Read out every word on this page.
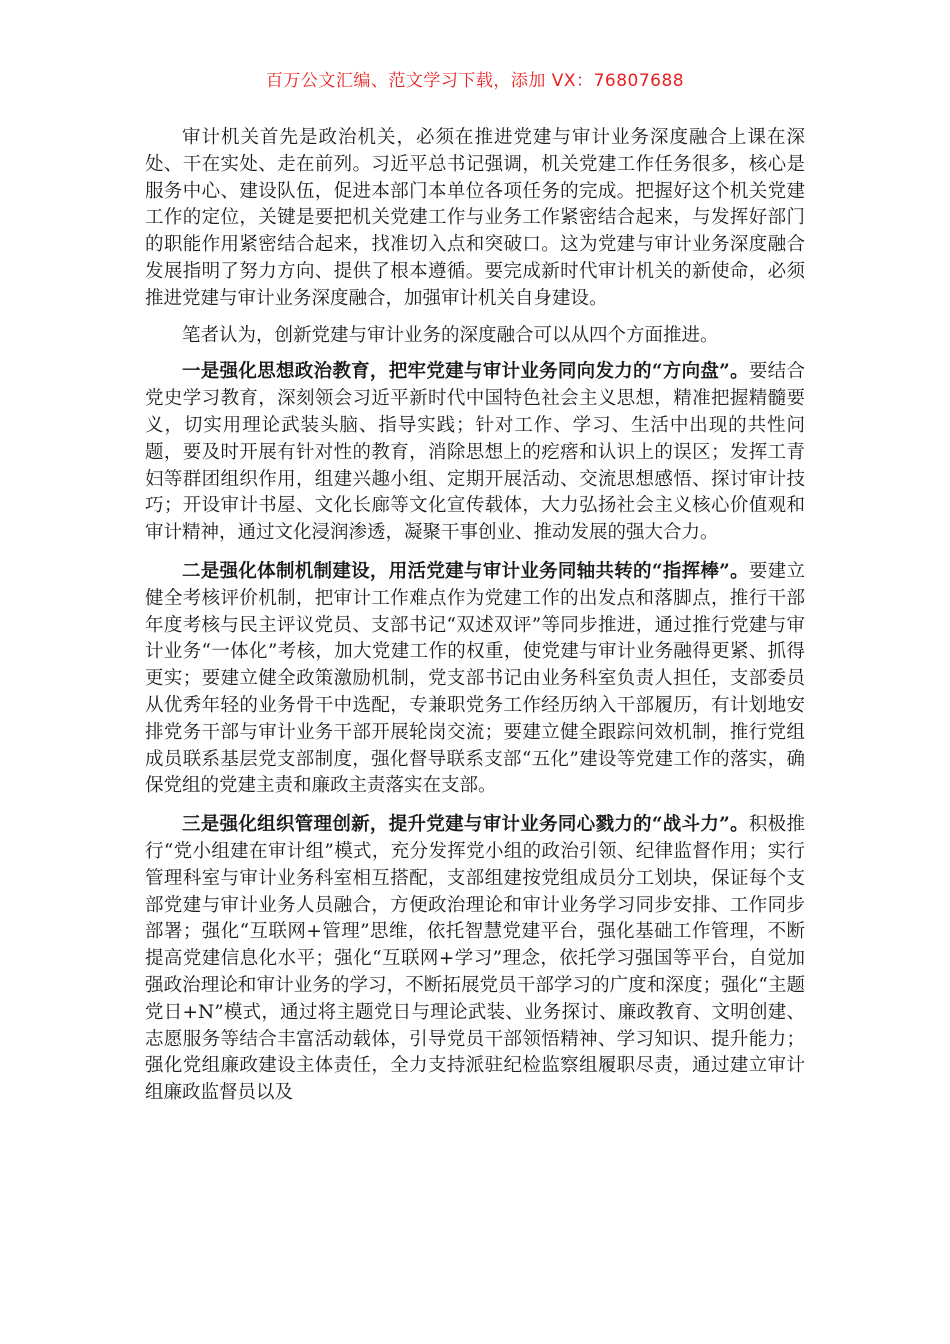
百万公文汇编、范文学习下载，添加 VX：76807688

审计机关首先是政治机关，必须在推进党建与审计业务深度融合上课在深处、干在实处、走在前列。习近平总书记强调，机关党建工作任务很多，核心是服务中心、建设队伍，促进本部门本单位各项任务的完成。把握好这个机关党建工作的定位，关键是要把机关党建工作与业务工作紧密结合起来，与发挥好部门的职能作用紧密结合起来，找准切入点和突破口。这为党建与审计业务深度融合发展指明了努力方向、提供了根本遵循。要完成新时代审计机关的新使命，必须推进党建与审计业务深度融合，加强审计机关自身建设。

笔者认为，创新党建与审计业务的深度融合可以从四个方面推进。

一是强化思想政治教育，把牢党建与审计业务同向发力的“方向盘”。要结合党史学习教育，深刻领会习近平新时代中国特色社会主义思想，精准把握精髓要义，切实用理论武装头脑、指导实践；针对工作、学习、生活中出现的共性问题，要及时开展有针对性的教育，消除思想上的疙瘩和认识上的误区；发挥工青妇等群团组织作用，组建兴趣小组、定期开展活动、交流思想感悟、探讨审计技巧；开设审计书屋、文化长廊等文化宣传载体，大力弘扬社会主义核心价值观和审计精神，通过文化浸润渗透，凝聚干事创业、推动发展的强大合力。

二是强化体制机制建设，用活党建与审计业务同轴共转的“指挥棒”。要建立健全考核评价机制，把审计工作难点作为党建工作的出发点和落脚点，推行干部年度考核与民主评议党员、支部书记“双述双评”等同步推进，通过推行党建与审计业务“一体化”考核，加大党建工作的权重，使党建与审计业务融得更紧、抓得更实；要建立健全政策激励机制，党支部书记由业务科室负责人担任，支部委员从优秀年轻的业务骨干中选配，专兼职党务工作经历纳入干部履历，有计划地安排党务干部与审计业务干部开展轮岗交流；要建立健全跟踪问效机制，推行党组成员联系基层党支部制度，强化督导联系支部“五化”建设等党建工作的落实，确保党组的党建主责和廉政主责落实在支部。

三是强化组织管理创新，提升党建与审计业务同心戮力的“战斗力”。积极推行“党小组建在审计组”模式，充分发挥党小组的政治引领、纪律监督作用；实行管理科室与审计业务科室相互搭配，支部组建按党组成员分工划块，保证每个支部党建与审计业务人员融合，方便政治理论和审计业务学习同步安排、工作同步部署；强化“互联网+管理”思维，依托智慧党建平台，强化基础工作管理，不断提高党建信息化水平；强化“互联网+学习”理念，依托学习强国等平台，自觉加强政治理论和审计业务的学习，不断拓展党员干部学习的广度和深度；强化“主题党日+N”模式，通过将主题党日与理论武装、业务探讨、廉政教育、文明创建、志愿服务等结合丰富活动载体，引导党员干部领悟精神、学习知识、提升能力；强化党组廉政建设主体责任，全力支持派驻纪检监察组履职尽责，通过建立审计组廉政监督员以及
